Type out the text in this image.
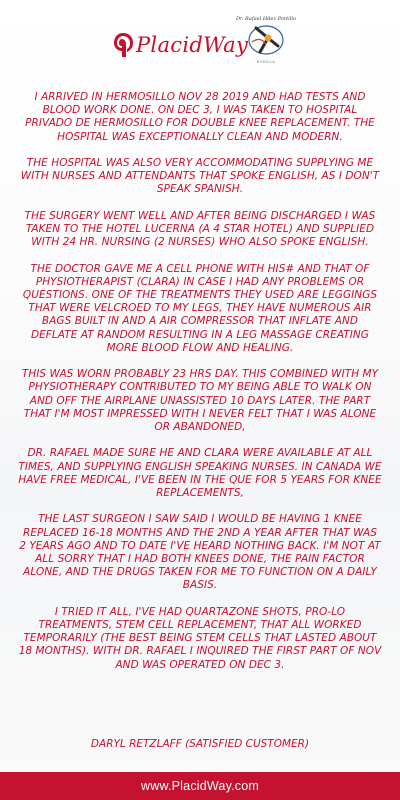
PlacidWay
Dr. Rafael Hdez Portillo
RODILLA

I ARRIVED IN HERMOSILLO NOV 28 2019 AND HAD TESTS AND BLOOD WORK DONE. ON DEC 3, I WAS TAKEN TO HOSPITAL PRIVADO DE HERMOSILLO FOR DOUBLE KNEE REPLACEMENT. THE HOSPITAL WAS EXCEPTIONALLY CLEAN AND MODERN.

THE HOSPITAL WAS ALSO VERY ACCOMMODATING SUPPLYING ME WITH NURSES AND ATTENDANTS THAT SPOKE ENGLISH, AS I DON'T SPEAK SPANISH.

THE SURGERY WENT WELL AND AFTER BEING DISCHARGED I WAS TAKEN TO THE HOTEL LUCERNA (A 4 STAR HOTEL) AND SUPPLIED WITH 24 HR. NURSING (2 NURSES) WHO ALSO SPOKE ENGLISH.

THE DOCTOR GAVE ME A CELL PHONE WITH HIS# AND THAT OF PHYSIOTHERAPIST (CLARA) IN CASE I HAD ANY PROBLEMS OR QUESTIONS. ONE OF THE TREATMENTS THEY USED ARE LEGGINGS THAT WERE VELCROED TO MY LEGS, THEY HAVE NUMEROUS AIR BAGS BUILT IN AND A AIR COMPRESSOR THAT INFLATE AND DEFLATE AT RANDOM RESULTING IN A LEG MASSAGE CREATING MORE BLOOD FLOW AND HEALING.

THIS WAS WORN PROBABLY 23 HRS DAY. THIS COMBINED WITH MY PHYSIOTHERAPY CONTRIBUTED TO MY BEING ABLE TO WALK ON AND OFF THE AIRPLANE UNASSISTED 10 DAYS LATER. THE PART THAT I'M MOST IMPRESSED WITH I NEVER FELT THAT I WAS ALONE OR ABANDONED,

DR. RAFAEL MADE SURE HE AND CLARA WERE AVAILABLE AT ALL TIMES, AND SUPPLYING ENGLISH SPEAKING NURSES. IN CANADA WE HAVE FREE MEDICAL, I'VE BEEN IN THE QUE FOR 5 YEARS FOR KNEE REPLACEMENTS,

THE LAST SURGEON I SAW SAID I WOULD BE HAVING 1 KNEE REPLACED 16-18 MONTHS AND THE 2ND A YEAR AFTER THAT WAS 2 YEARS AGO AND TO DATE I'VE HEARD NOTHING BACK. I'M NOT AT ALL SORRY THAT I HAD BOTH KNEES DONE, THE PAIN FACTOR ALONE, AND THE DRUGS TAKEN FOR ME TO FUNCTION ON A DAILY BASIS.

I TRIED IT ALL, I'VE HAD QUARTAZONE SHOTS, PRO-LO TREATMENTS, STEM CELL REPLACEMENT, THAT ALL WORKED TEMPORARILY (THE BEST BEING STEM CELLS THAT LASTED ABOUT 18 MONTHS). WITH DR. RAFAEL I INQUIRED THE FIRST PART OF NOV AND WAS OPERATED ON DEC 3.

DARYL RETZLAFF (SATISFIED CUSTOMER)
www.PlacidWay.com
